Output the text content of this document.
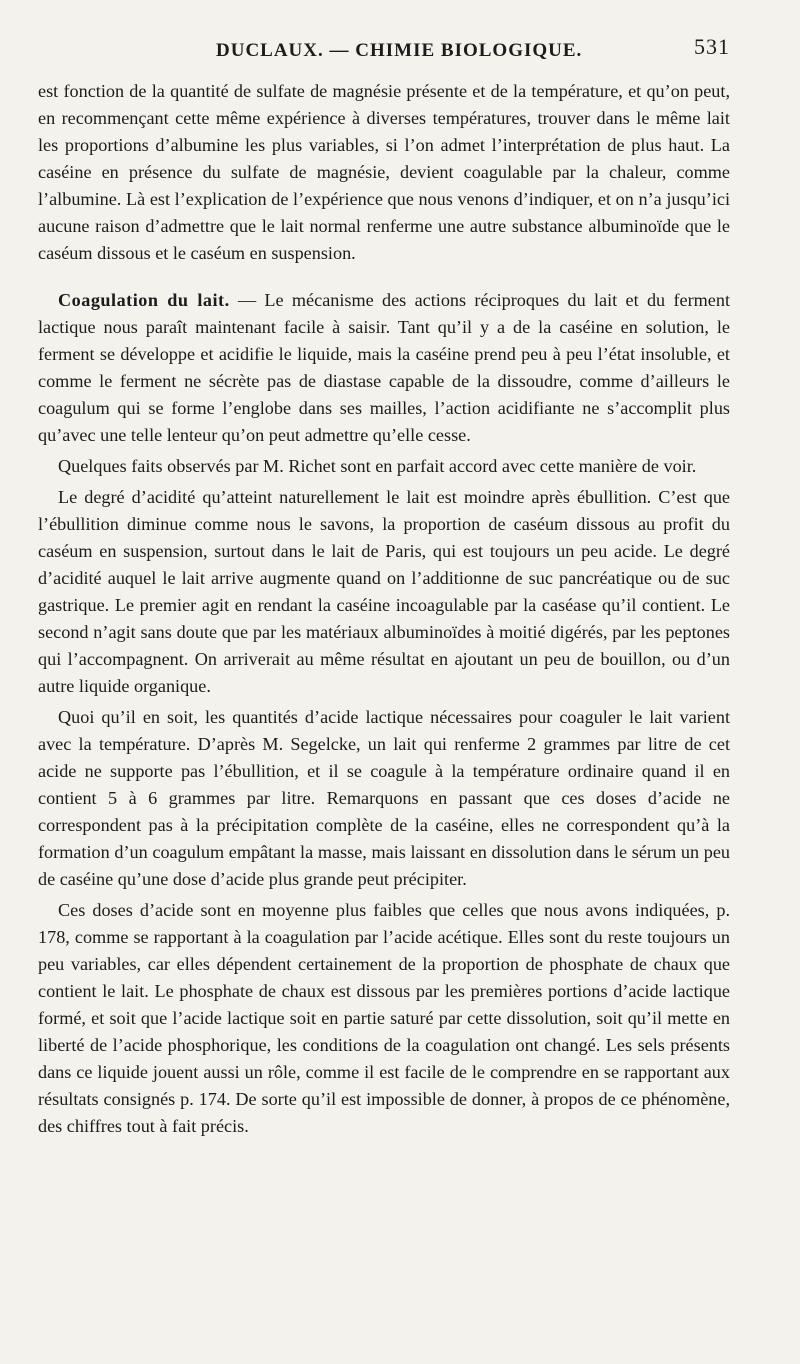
DUCLAUX. — CHIMIE BIOLOGIQUE.	531

est fonction de la quantité de sulfate de magnésie présente et de la température, et qu’on peut, en recommençant cette même expérience à diverses températures, trouver dans le même lait les proportions d’albumine les plus variables, si l’on admet l’interprétation de plus haut. La caséine en présence du sulfate de magnésie, devient coagulable par la chaleur, comme l’albumine. Là est l’explication de l’expérience que nous venons d’indiquer, et on n’a jusqu’ici aucune raison d’admettre que le lait normal renferme une autre substance albuminoïde que le caséum dissous et le caséum en suspension.

Coagulation du lait. — Le mécanisme des actions réciproques du lait et du ferment lactique nous paraît maintenant facile à saisir. Tant qu’il y a de la caséine en solution, le ferment se développe et acidifie le liquide, mais la caséine prend peu à peu l’état insoluble, et comme le ferment ne sécrète pas de diastase capable de la dissoudre, comme d’ailleurs le coagulum qui se forme l’englobe dans ses mailles, l’action acidifiante ne s’accomplit plus qu’avec une telle lenteur qu’on peut admettre qu’elle cesse.

Quelques faits observés par M. Richet sont en parfait accord avec cette manière de voir.

Le degré d’acidité qu’atteint naturellement le lait est moindre après ébullition. C’est que l’ébullition diminue comme nous le savons, la proportion de caséum dissous au profit du caséum en suspension, surtout dans le lait de Paris, qui est toujours un peu acide. Le degré d’acidité auquel le lait arrive augmente quand on l’additionne de suc pancréatique ou de suc gastrique. Le premier agit en rendant la caséine incoagulable par la caséase qu’il contient. Le second n’agit sans doute que par les matériaux albuminoïdes à moitié digérés, par les peptones qui l’accompagnent. On arriverait au même résultat en ajoutant un peu de bouillon, ou d’un autre liquide organique.

Quoi qu’il en soit, les quantités d’acide lactique nécessaires pour coaguler le lait varient avec la température. D’après M. Segelcke, un lait qui renferme 2 grammes par litre de cet acide ne supporte pas l’ébullition, et il se coagule à la température ordinaire quand il en contient 5 à 6 grammes par litre. Remarquons en passant que ces doses d’acide ne correspondent pas à la précipitation complète de la caséine, elles ne correspondent qu’à la formation d’un coagulum empâtant la masse, mais laissant en dissolution dans le sérum un peu de caséine qu’une dose d’acide plus grande peut précipiter.

Ces doses d’acide sont en moyenne plus faibles que celles que nous avons indiquées, p. 178, comme se rapportant à la coagulation par l’acide acétique. Elles sont du reste toujours un peu variables, car elles dépendent certainement de la proportion de phosphate de chaux que contient le lait. Le phosphate de chaux est dissous par les premières portions d’acide lactique formé, et soit que l’acide lactique soit en partie saturé par cette dissolution, soit qu’il mette en liberté de l’acide phosphorique, les conditions de la coagulation ont changé. Les sels présents dans ce liquide jouent aussi un rôle, comme il est facile de le comprendre en se rapportant aux résultats consignés p. 174. De sorte qu’il est impossible de donner, à propos de ce phénomène, des chiffres tout à fait précis.
